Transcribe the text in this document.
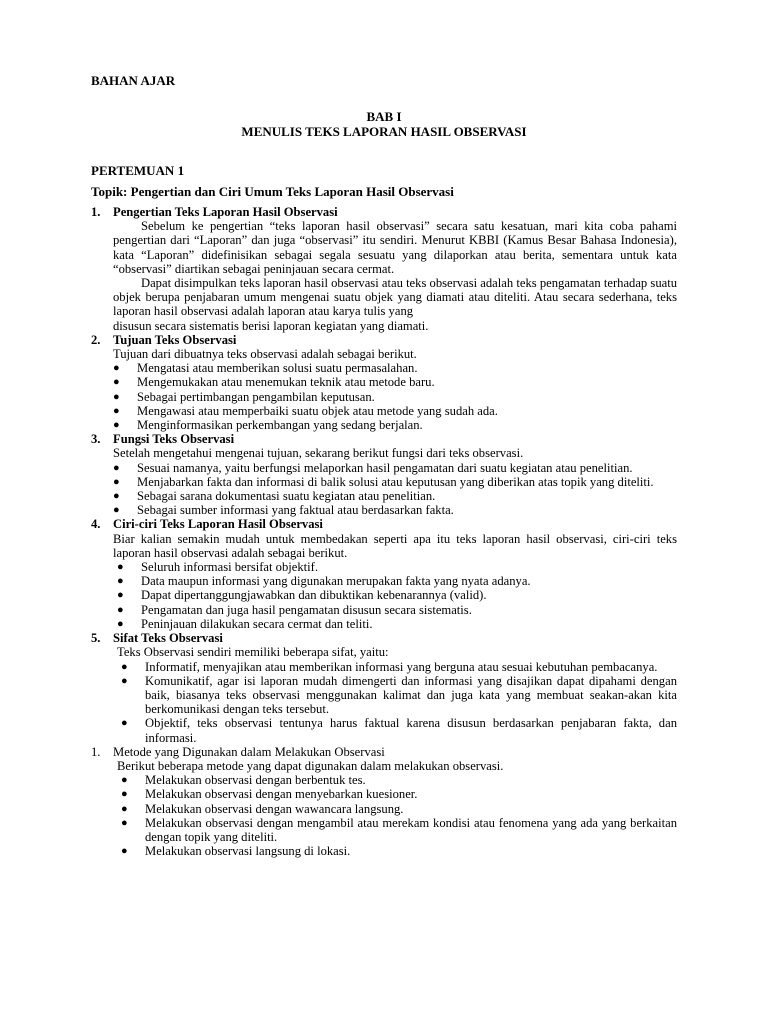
BAHAN AJAR
BAB I
MENULIS TEKS LAPORAN HASIL OBSERVASI
PERTEMUAN 1
Topik: Pengertian dan Ciri Umum Teks Laporan Hasil Observasi
1. Pengertian Teks Laporan Hasil Observasi

Sebelum ke pengertian “teks laporan hasil observasi” secara satu kesatuan, mari kita coba pahami pengertian dari “Laporan” dan juga “observasi” itu sendiri. Menurut KBBI (Kamus Besar Bahasa Indonesia), kata “Laporan” didefinisikan sebagai segala sesuatu yang dilaporkan atau berita, sementara untuk kata “observasi” diartikan sebagai peninjauan secara cermat.

Dapat disimpulkan teks laporan hasil observasi atau teks observasi adalah teks pengamatan terhadap suatu objek berupa penjabaran umum mengenai suatu objek yang diamati atau diteliti. Atau secara sederhana, teks laporan hasil observasi adalah laporan atau karya tulis yang

disusun secara sistematis berisi laporan kegiatan yang diamati.

2. Tujuan Teks Observasi
Tujuan dari dibuatnya teks observasi adalah sebagai berikut.
●	Mengatasi atau memberikan solusi suatu permasalahan.
●	Mengemukakan atau menemukan teknik atau metode baru.
●	Sebagai pertimbangan pengambilan keputusan.
●	Mengawasi atau memperbaiki suatu objek atau metode yang sudah ada.
●	Menginformasikan perkembangan yang sedang berjalan.
3. Fungsi Teks Observasi
Setelah mengetahui mengenai tujuan, sekarang berikut fungsi dari teks observasi.
●	Sesuai namanya, yaitu berfungsi melaporkan hasil pengamatan dari suatu kegiatan atau penelitian.
●	Menjabarkan fakta dan informasi di balik solusi atau keputusan yang diberikan atas topik yang diteliti.
●	Sebagai sarana dokumentasi suatu kegiatan atau penelitian.
●	Sebagai sumber informasi yang faktual atau berdasarkan fakta.
4. Ciri-ciri Teks Laporan Hasil Observasi
Biar kalian semakin mudah untuk membedakan seperti apa itu teks laporan hasil observasi, ciri-ciri teks laporan hasil observasi adalah sebagai berikut.
●	Seluruh informasi bersifat objektif.
●	Data maupun informasi yang digunakan merupakan fakta yang nyata adanya.
●	Dapat dipertanggungjawabkan dan dibuktikan kebenarannya (valid).
●	Pengamatan dan juga hasil pengamatan disusun secara sistematis.
●	Peninjauan dilakukan secara cermat dan teliti.
5. Sifat Teks Observasi
Teks Observasi sendiri memiliki beberapa sifat, yaitu:
●	Informatif, menyajikan atau memberikan informasi yang berguna atau sesuai kebutuhan pembacanya.
●	Komunikatif, agar isi laporan mudah dimengerti dan informasi yang disajikan dapat dipahami dengan baik, biasanya teks observasi menggunakan kalimat dan juga kata yang membuat seakan-akan kita berkomunikasi dengan teks tersebut.
●	Objektif, teks observasi tentunya harus faktual karena disusun berdasarkan penjabaran fakta, dan informasi.
1. Metode yang Digunakan dalam Melakukan Observasi
Berikut beberapa metode yang dapat digunakan dalam melakukan observasi.
●	Melakukan observasi dengan berbentuk tes.
●	Melakukan observasi dengan menyebarkan kuesioner.
●	Melakukan observasi dengan wawancara langsung.
●	Melakukan observasi dengan mengambil atau merekam kondisi atau fenomena yang ada yang berkaitan dengan topik yang diteliti.
●	Melakukan observasi langsung di lokasi.
